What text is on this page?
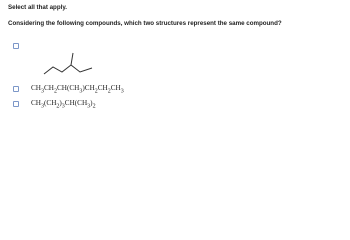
Select all that apply.
Considering the following compounds, which two structures represent the same compound?
$CH_3CH_2CH(CH_3)CH_2CH_2CH_3$
$CH_3(CH_2)_3CH(CH_3)_2$
